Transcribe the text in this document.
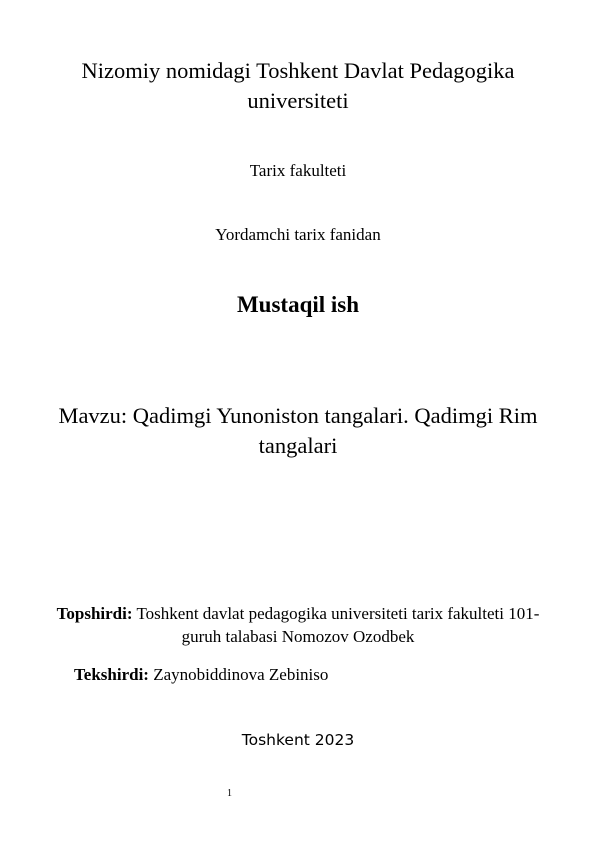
Nizomiy nomidagi Toshkent Davlat Pedagogika universiteti
Tarix fakulteti
Yordamchi tarix fanidan
Mustaqil ish
Mavzu: Qadimgi Yunoniston tangalari. Qadimgi Rim tangalari
Topshirdi: Toshkent davlat pedagogika universiteti tarix fakulteti 101-guruh talabasi Nomozov Ozodbek
Tekshirdi: Zaynobiddinova Zebiniso
Toshkent 2023
1
